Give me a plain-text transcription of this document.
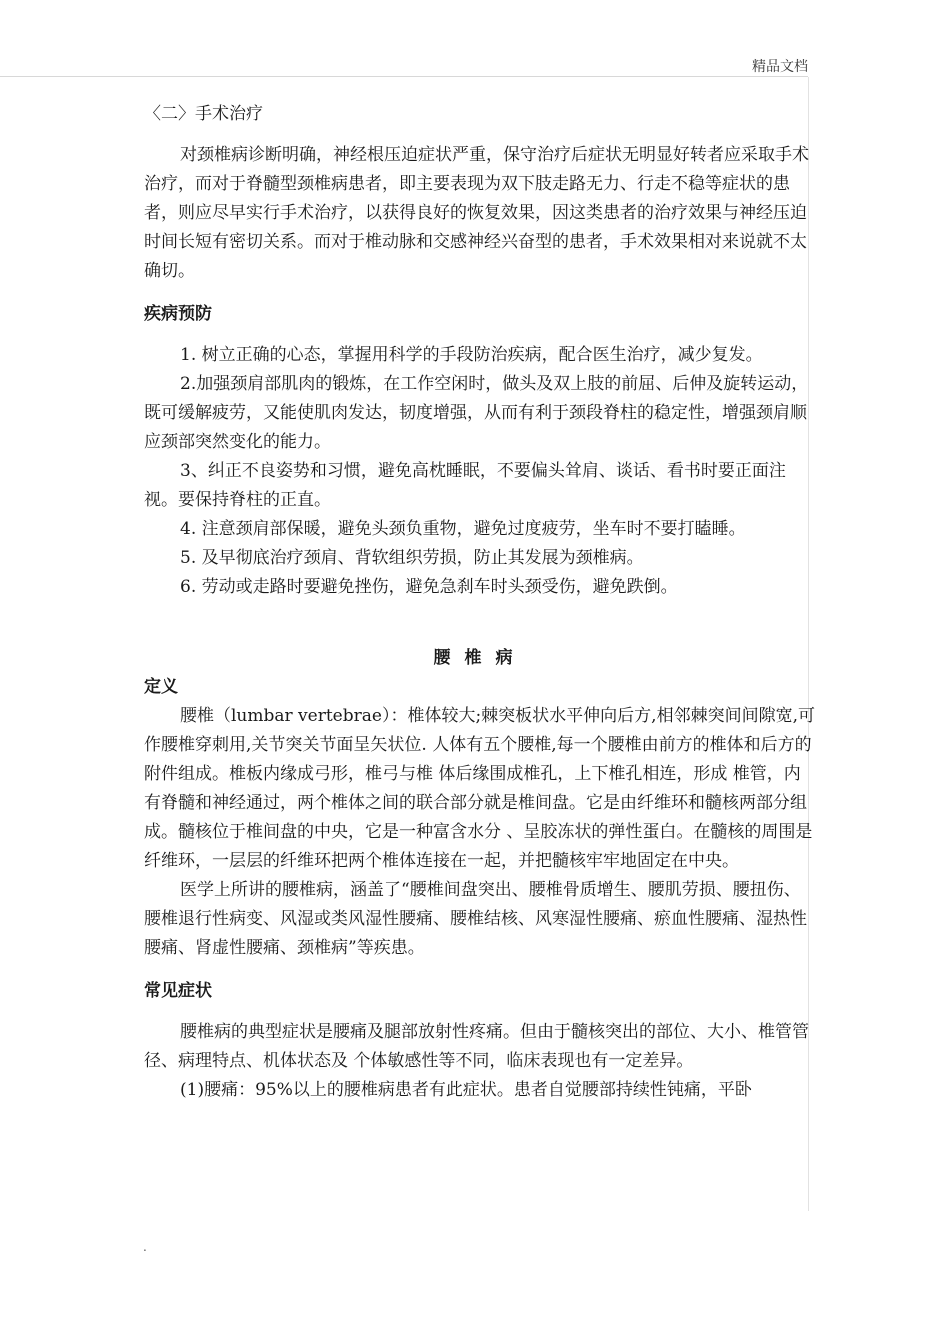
精品文档

〈二〉手术治疗

对颈椎病诊断明确，神经根压迫症状严重，保守治疗后症状无明显好转者应采取手术治疗，而对于脊髓型颈椎病患者，即主要表现为双下肢走路无力、行走不稳等症状的患者，则应尽早实行手术治疗，以获得良好的恢复效果，因这类患者的治疗效果与神经压迫时间长短有密切关系。而对于椎动脉和交感神经兴奋型的患者，手术效果相对来说就不太确切。

疾病预防

1. 树立正确的心态，掌握用科学的手段防治疾病，配合医生治疗，减少复发。

2.加强颈肩部肌肉的锻炼，在工作空闲时，做头及双上肢的前屈、后伸及旋转运动，既可缓解疲劳，又能使肌肉发达，韧度增强，从而有利于颈段脊柱的稳定性，增强颈肩顺应颈部突然变化的能力。

3、纠正不良姿势和习惯，避免高枕睡眠，不要偏头耸肩、谈话、看书时要正面注视。要保持脊柱的正直。

4. 注意颈肩部保暖，避免头颈负重物，避免过度疲劳，坐车时不要打瞌睡。

5. 及早彻底治疗颈肩、背软组织劳损，防止其发展为颈椎病。

6. 劳动或走路时要避免挫伤，避免急刹车时头颈受伤，避免跌倒。

腰椎病

定义

腰椎（lumbar vertebrae）：椎体较大;棘突板状水平伸向后方,相邻棘突间间隙宽,可作腰椎穿刺用,关节突关节面呈矢状位. 人体有五个腰椎,每一个腰椎由前方的椎体和后方的附件组成。椎板内缘成弓形，椎弓与椎 体后缘围成椎孔，上下椎孔相连，形成 椎管，内有脊髓和神经通过，两个椎体之间的联合部分就是椎间盘。它是由纤维环和髓核两部分组成。髓核位于椎间盘的中央，它是一种富含水分 、呈胶冻状的弹性蛋白。在髓核的周围是纤维环，一层层的纤维环把两个椎体连接在一起，并把髓核牢牢地固定在中央。

医学上所讲的腰椎病，涵盖了“腰椎间盘突出、腰椎骨质增生、腰肌劳损、腰扭伤、腰椎退行性病变、风湿或类风湿性腰痛、腰椎结核、风寒湿性腰痛、瘀血性腰痛、湿热性腰痛、肾虚性腰痛、颈椎病”等疾患。

常见症状

腰椎病的典型症状是腰痛及腿部放射性疼痛。但由于髓核突出的部位、大小、椎管管径、病理特点、机体状态及 个体敏感性等不同，临床表现也有一定差异。

(1)腰痛：95%以上的腰椎病患者有此症状。患者自觉腰部持续性钝痛，平卧

.
